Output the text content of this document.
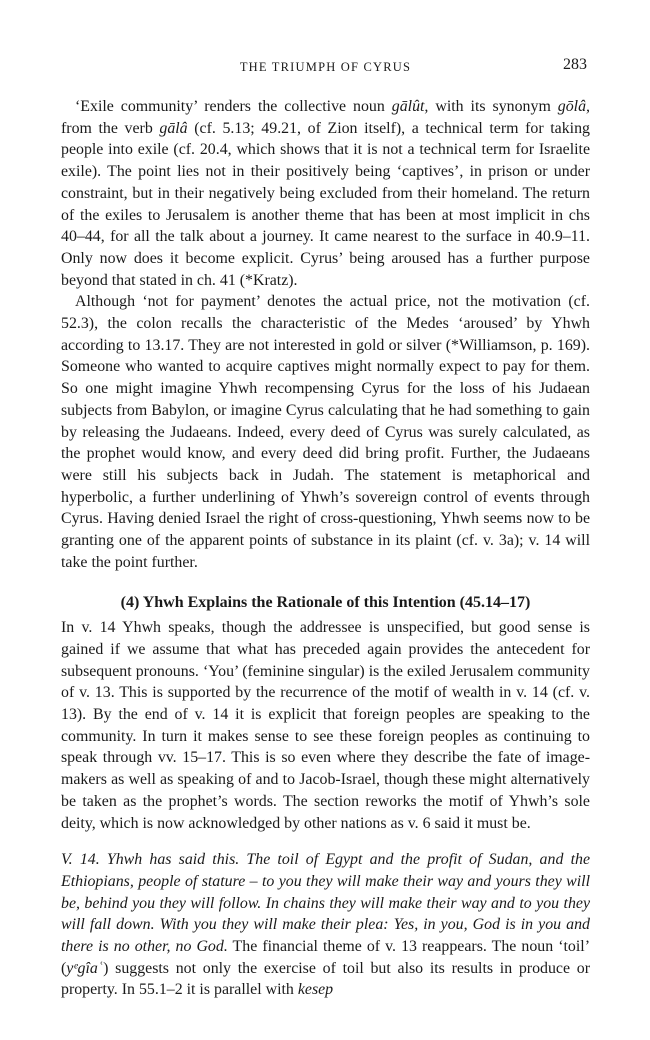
THE TRIUMPH OF CYRUS	283

‘Exile community’ renders the collective noun gālût, with its synonym gōlâ, from the verb gālâ (cf. 5.13; 49.21, of Zion itself), a technical term for taking people into exile (cf. 20.4, which shows that it is not a technical term for Israelite exile). The point lies not in their positively being ‘captives’, in prison or under constraint, but in their negatively being excluded from their homeland. The return of the exiles to Jerusalem is another theme that has been at most implicit in chs 40–44, for all the talk about a journey. It came nearest to the surface in 40.9–11. Only now does it become explicit. Cyrus’ being aroused has a further purpose beyond that stated in ch. 41 (*Kratz).

Although ‘not for payment’ denotes the actual price, not the motivation (cf. 52.3), the colon recalls the characteristic of the Medes ‘aroused’ by Yhwh according to 13.17. They are not interested in gold or silver (*Williamson, p. 169). Someone who wanted to acquire captives might normally expect to pay for them. So one might imagine Yhwh recompensing Cyrus for the loss of his Judaean subjects from Babylon, or imagine Cyrus calculating that he had something to gain by releasing the Judaeans. Indeed, every deed of Cyrus was surely calculated, as the prophet would know, and every deed did bring profit. Further, the Judaeans were still his subjects back in Judah. The statement is metaphorical and hyperbolic, a further underlining of Yhwh’s sovereign control of events through Cyrus. Having denied Israel the right of cross-questioning, Yhwh seems now to be granting one of the apparent points of substance in its plaint (cf. v. 3a); v. 14 will take the point further.

(4) Yhwh Explains the Rationale of this Intention (45.14–17)

In v. 14 Yhwh speaks, though the addressee is unspecified, but good sense is gained if we assume that what has preceded again provides the antecedent for subsequent pronouns. ‘You’ (feminine singular) is the exiled Jerusalem community of v. 13. This is supported by the recurrence of the motif of wealth in v. 14 (cf. v. 13). By the end of v. 14 it is explicit that foreign peoples are speaking to the community. In turn it makes sense to see these foreign peoples as continuing to speak through vv. 15–17. This is so even where they describe the fate of image-makers as well as speaking of and to Jacob-Israel, though these might alternatively be taken as the prophet’s words. The section reworks the motif of Yhwh’s sole deity, which is now acknowledged by other nations as v. 6 said it must be.

V. 14. Yhwh has said this. The toil of Egypt and the profit of Sudan, and the Ethiopians, people of stature – to you they will make their way and yours they will be, behind you they will follow. In chains they will make their way and to you they will fall down. With you they will make their plea: Yes, in you, God is in you and there is no other, no God. The financial theme of v. 13 reappears. The noun ‘toil’ (yᵉgîaʿ) suggests not only the exercise of toil but also its results in produce or property. In 55.1–2 it is parallel with kesep
